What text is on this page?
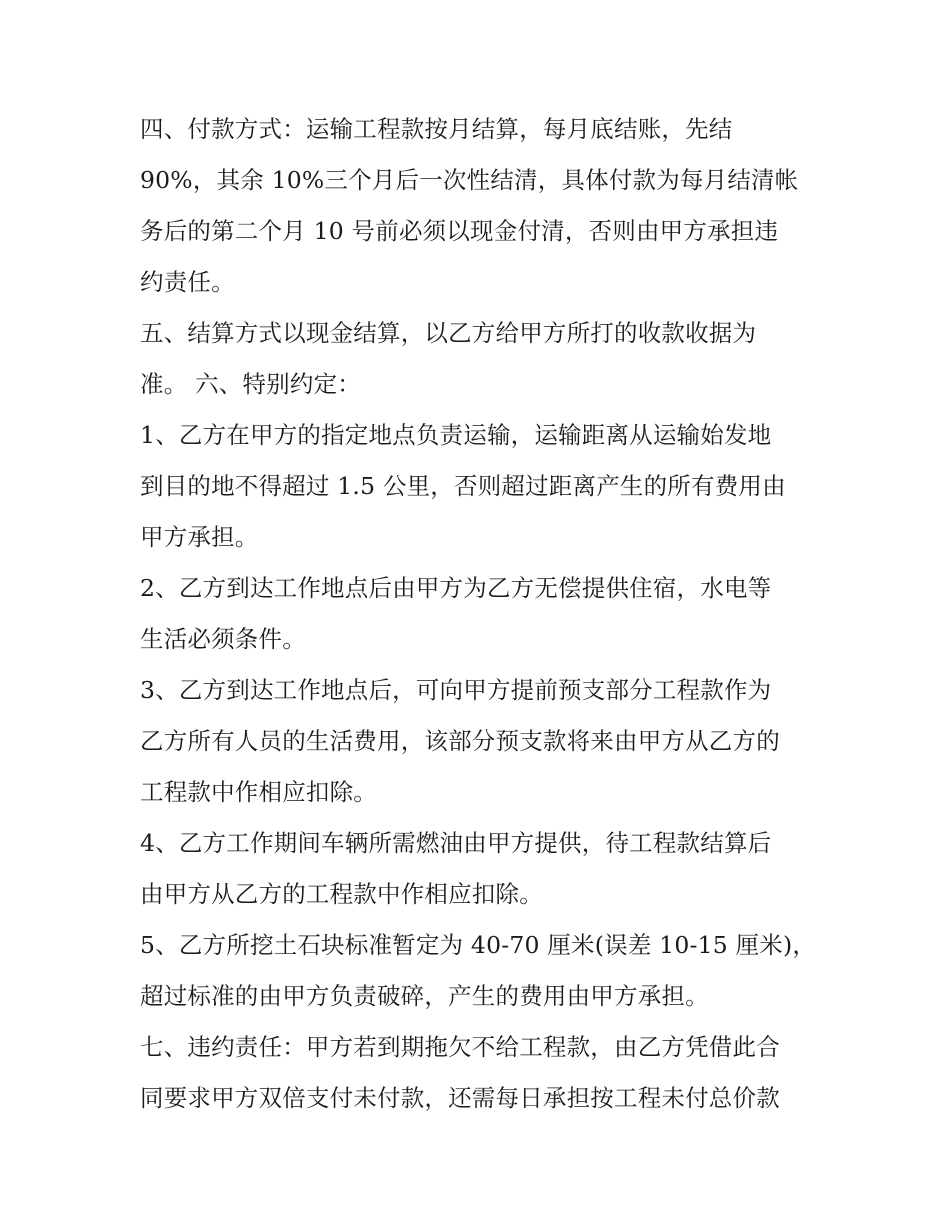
四、付款方式：运输工程款按月结算，每月底结账，先结
90%，其余 10%三个月后一次性结清，具体付款为每月结清帐
务后的第二个月 10 号前必须以现金付清，否则由甲方承担违
约责任。
五、结算方式以现金结算，以乙方给甲方所打的收款收据为
准。 六、特别约定：
1、乙方在甲方的指定地点负责运输，运输距离从运输始发地
到目的地不得超过 1.5 公里，否则超过距离产生的所有费用由
甲方承担。
2、乙方到达工作地点后由甲方为乙方无偿提供住宿，水电等
生活必须条件。
3、乙方到达工作地点后，可向甲方提前预支部分工程款作为
乙方所有人员的生活费用，该部分预支款将来由甲方从乙方的
工程款中作相应扣除。
4、乙方工作期间车辆所需燃油由甲方提供，待工程款结算后
由甲方从乙方的工程款中作相应扣除。
5、乙方所挖土石块标准暂定为 40-70 厘米(误差 10-15 厘米)，
超过标准的由甲方负责破碎，产生的费用由甲方承担。
七、违约责任：甲方若到期拖欠不给工程款，由乙方凭借此合
同要求甲方双倍支付未付款，还需每日承担按工程未付总价款
